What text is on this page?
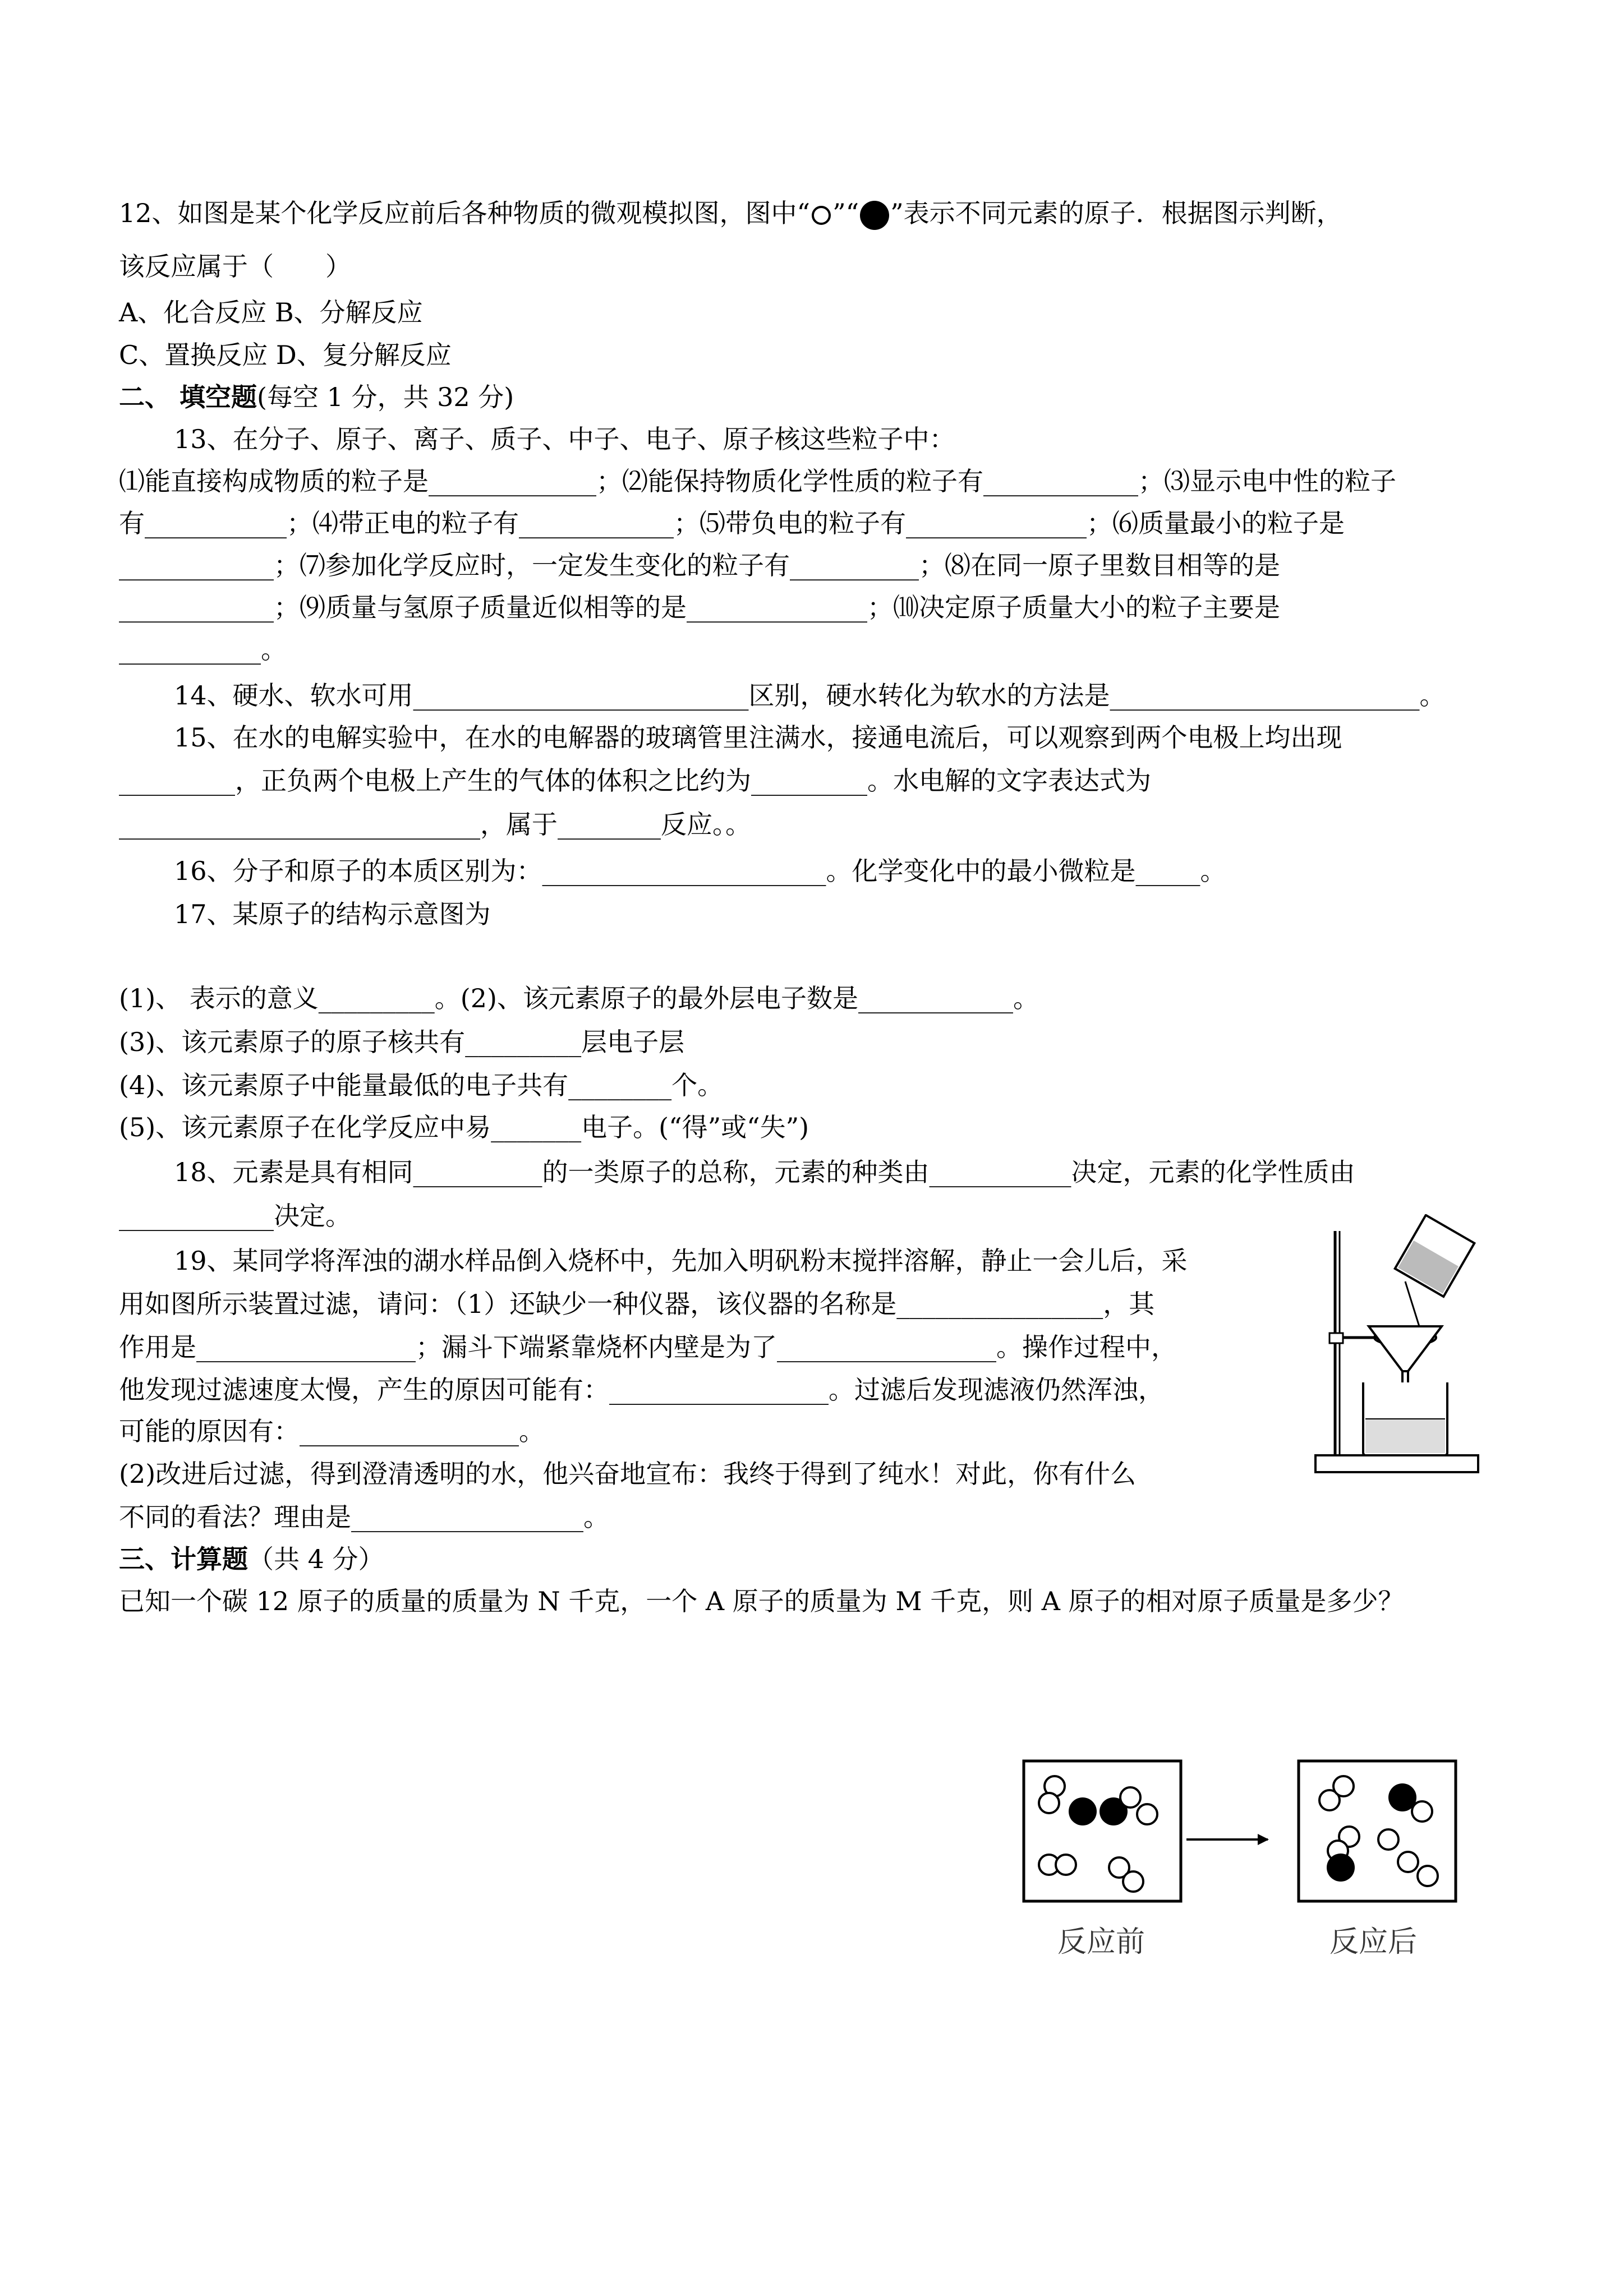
12、如图是某个化学反应前后各种物质的微观模拟图，图中“ ”“ ”表示不同元素的原子．根据图示判断，
该反应属于（　　）
A、化合反应 B、分解反应
C、置换反应 D、复分解反应
二、 填空题(每空 1 分，共 32 分)
13、在分子、原子、离子、质子、中子、电子、原子核这些粒子中：
⑴能直接构成物质的粒子是_____________；⑵能保持物质化学性质的粒子有____________；⑶显示电中性的粒子
有___________；⑷带正电的粒子有____________；⑸带负电的粒子有______________；⑹质量最小的粒子是
____________；⑺参加化学反应时，一定发生变化的粒子有__________；⑻在同一原子里数目相等的是
____________；⑼质量与氢原子质量近似相等的是______________；⑽决定原子质量大小的粒子主要是
___________。
14、硬水、软水可用__________________________区别，硬水转化为软水的方法是________________________。
15、在水的电解实验中，在水的电解器的玻璃管里注满水，接通电流后，可以观察到两个电极上均出现
_________，正负两个电极上产生的气体的体积之比约为_________。水电解的文字表达式为
____________________________，属于________反应。。
16、分子和原子的本质区别为：______________________。化学变化中的最小微粒是_____。
17、某原子的结构示意图为
(1)、 表示的意义_________。(2)、该元素原子的最外层电子数是____________。
(3)、该元素原子的原子核共有_________层电子层
(4)、该元素原子中能量最低的电子共有________个。
(5)、该元素原子在化学反应中易_______电子。(“得”或“失”)
18、元素是具有相同__________的一类原子的总称，元素的种类由___________决定，元素的化学性质由
____________决定。
19、某同学将浑浊的湖水样品倒入烧杯中，先加入明矾粉末搅拌溶解，静止一会儿后，采
用如图所示装置过滤，请问：（1）还缺少一种仪器，该仪器的名称是________________，其
作用是_________________；漏斗下端紧靠烧杯内壁是为了_________________。操作过程中，
他发现过滤速度太慢，产生的原因可能有：_________________。过滤后发现滤液仍然浑浊，
可能的原因有：_________________。
(2)改进后过滤，得到澄清透明的水，他兴奋地宣布：我终于得到了纯水！对此，你有什么
不同的看法？理由是__________________。
三、计算题（共 4 分）
已知一个碳 12 原子的质量的质量为 N 千克，一个 A 原子的质量为 M 千克，则 A 原子的相对原子质量是多少？
反应前	反应后
